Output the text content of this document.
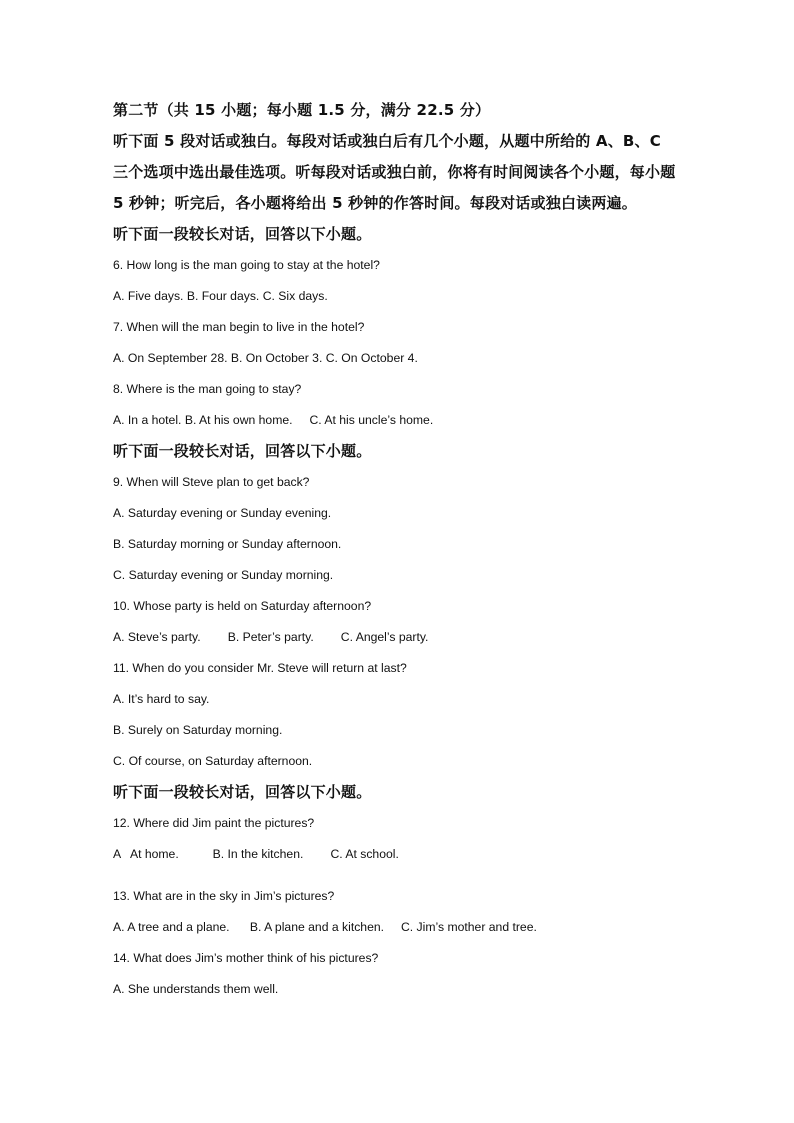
第二节（共 15 小题；每小题 1.5 分，满分 22.5 分）

听下面 5 段对话或独白。每段对话或独白后有几个小题，从题中所给的 A、B、C

三个选项中选出最佳选项。听每段对话或独白前，你将有时间阅读各个小题，每小题

5 秒钟；听完后，各小题将给出 5 秒钟的作答时间。每段对话或独白读两遍。

听下面一段较长对话，回答以下小题。

6. How long is the man going to stay at the hotel?

A. Five days. B. Four days. C. Six days.

7. When will the man begin to live in the hotel?

A. On September 28. B. On October 3. C. On October 4.

8. Where is the man going to stay?

A. In a hotel. B. At his own home.     C. At his uncle’s home.

听下面一段较长对话，回答以下小题。

9. When will Steve plan to get back?

A. Saturday evening or Sunday evening.

B. Saturday morning or Sunday afternoon.

C. Saturday evening or Sunday morning.

10. Whose party is held on Saturday afternoon?

A. Steve’s party.        B. Peter’s party.        C. Angel’s party.

11. When do you consider Mr. Steve will return at last?

A. It’s hard to say.

B. Surely on Saturday morning.

C. Of course, on Saturday afternoon.

听下面一段较长对话，回答以下小题。

12. Where did Jim paint the pictures?

A   At home.          B. In the kitchen.        C. At school.

13. What are in the sky in Jim’s pictures?

A. A tree and a plane.      B. A plane and a kitchen.     C. Jim’s mother and tree.

14. What does Jim’s mother think of his pictures?

A. She understands them well.
